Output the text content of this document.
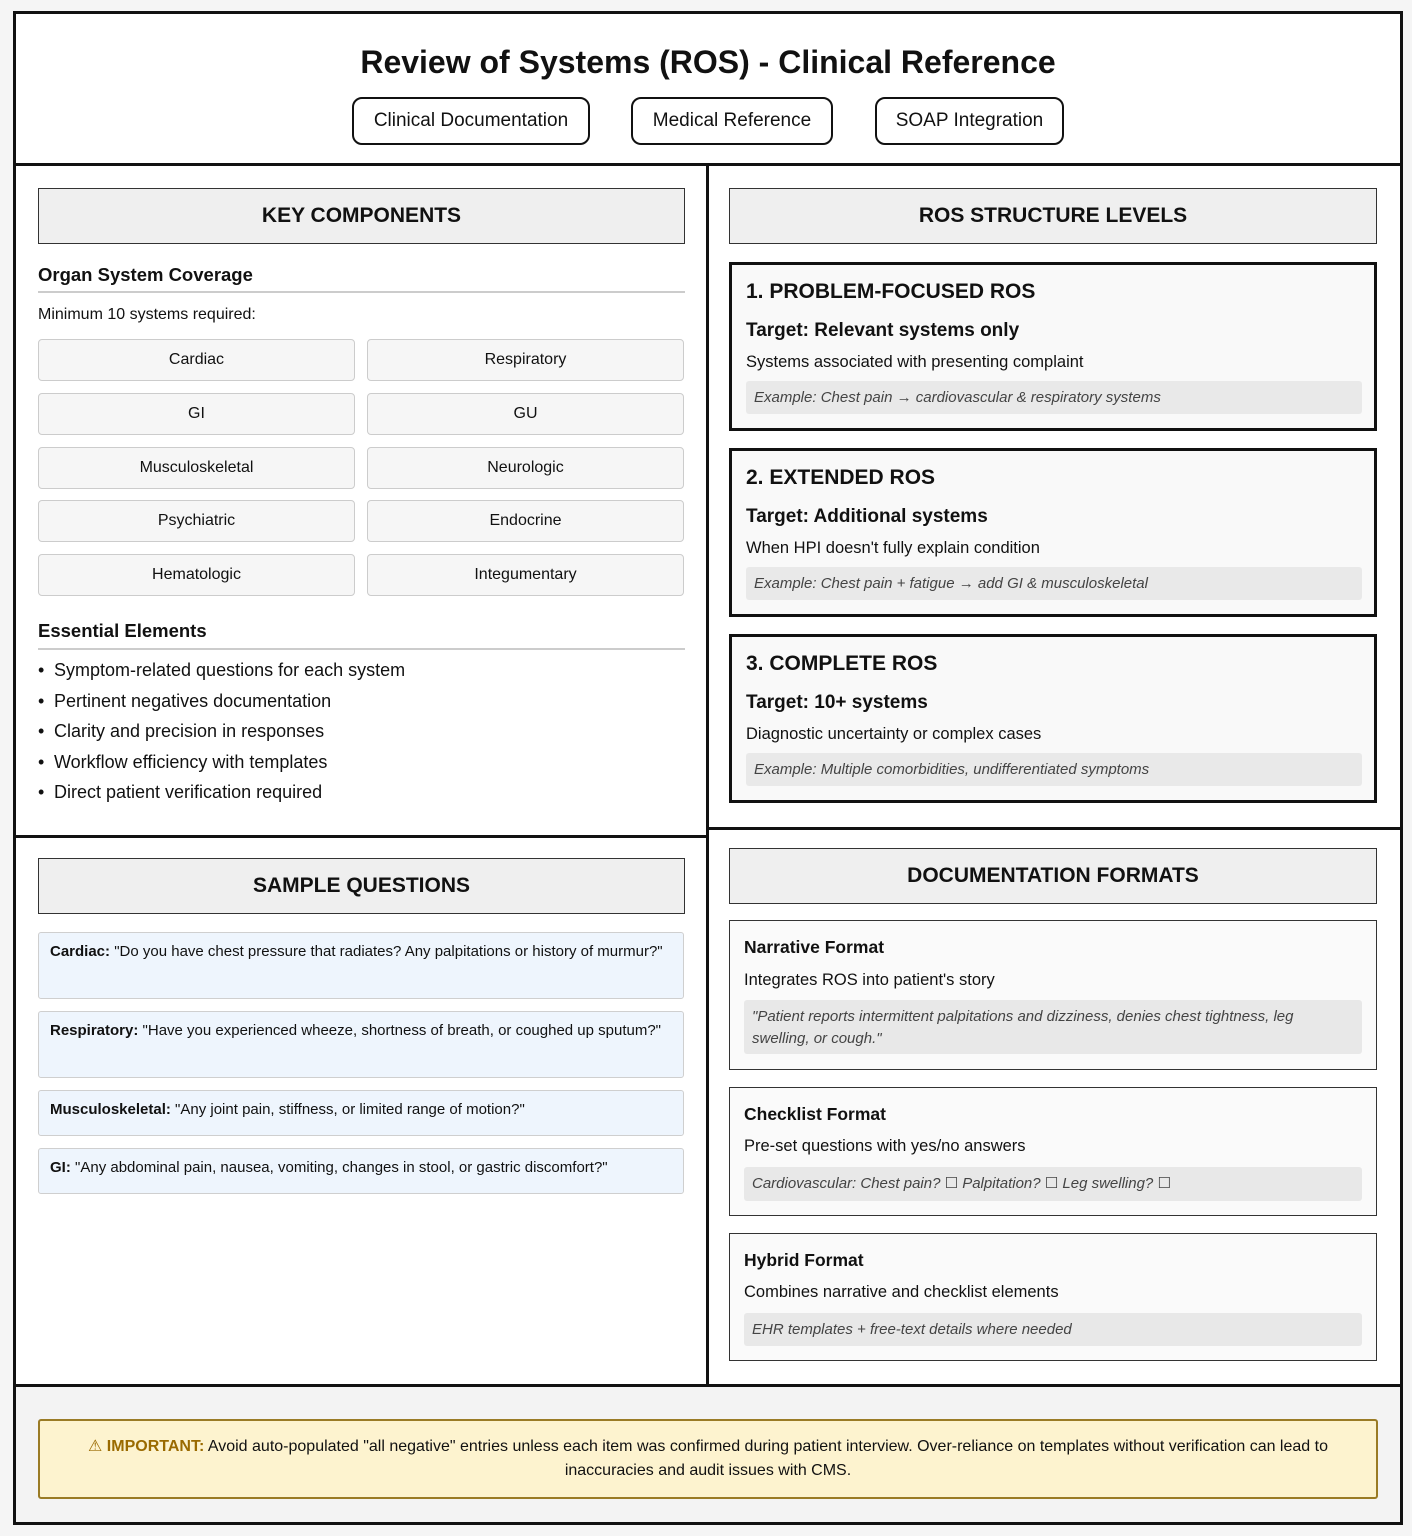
Review of Systems (ROS) - Clinical Reference
Clinical Documentation	Medical Reference	SOAP Integration
KEY COMPONENTS
Organ System Coverage
Minimum 10 systems required:
Cardiac	Respiratory
GI	GU
Musculoskeletal	Neurologic
Psychiatric	Endocrine
Hematologic	Integumentary
Essential Elements
• Symptom-related questions for each system
• Pertinent negatives documentation
• Clarity and precision in responses
• Workflow efficiency with templates
• Direct patient verification required
SAMPLE QUESTIONS
Cardiac: "Do you have chest pressure that radiates? Any palpitations or history of murmur?"
Respiratory: "Have you experienced wheeze, shortness of breath, or coughed up sputum?"
Musculoskeletal: "Any joint pain, stiffness, or limited range of motion?"
GI: "Any abdominal pain, nausea, vomiting, changes in stool, or gastric discomfort?"
ROS STRUCTURE LEVELS
1. PROBLEM-FOCUSED ROS
Target: Relevant systems only
Systems associated with presenting complaint
Example: Chest pain → cardiovascular & respiratory systems
2. EXTENDED ROS
Target: Additional systems
When HPI doesn't fully explain condition
Example: Chest pain + fatigue → add GI & musculoskeletal
3. COMPLETE ROS
Target: 10+ systems
Diagnostic uncertainty or complex cases
Example: Multiple comorbidities, undifferentiated symptoms
DOCUMENTATION FORMATS
Narrative Format
Integrates ROS into patient's story
"Patient reports intermittent palpitations and dizziness, denies chest tightness, leg swelling, or cough."
Checklist Format
Pre-set questions with yes/no answers
Cardiovascular: Chest pain? ☐ Palpitation? ☐ Leg swelling? ☐
Hybrid Format
Combines narrative and checklist elements
EHR templates + free-text details where needed
⚠ IMPORTANT: Avoid auto-populated "all negative" entries unless each item was confirmed during patient interview. Over-reliance on templates without verification can lead to inaccuracies and audit issues with CMS.
